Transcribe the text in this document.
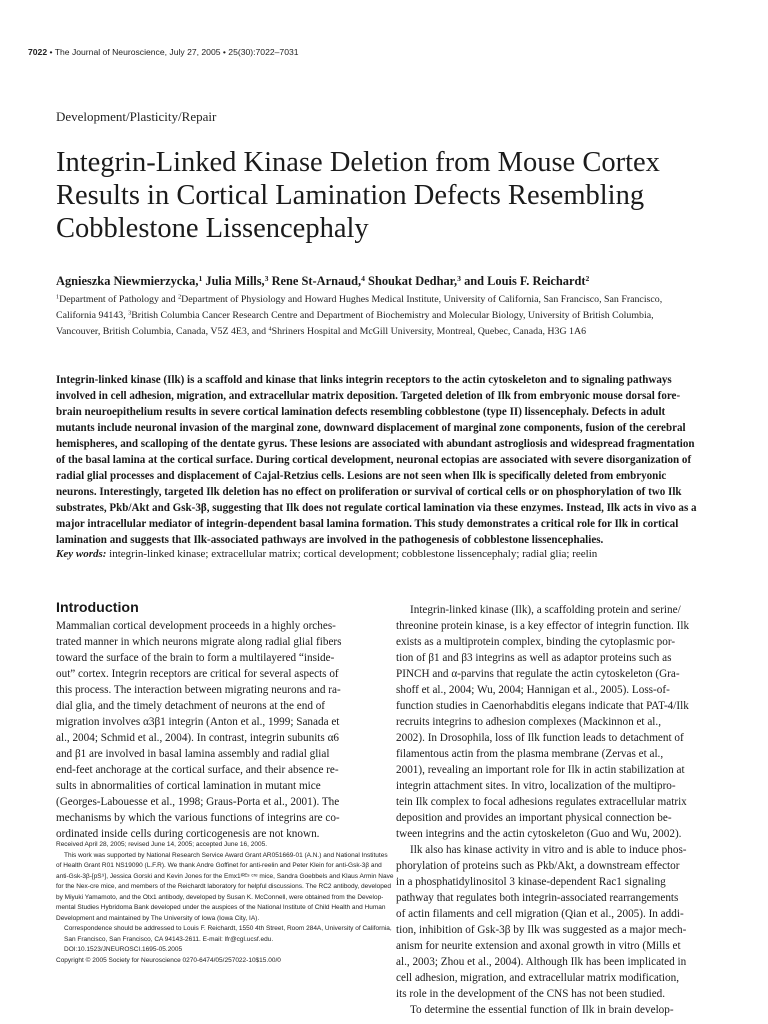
7022 • The Journal of Neuroscience, July 27, 2005 • 25(30):7022–7031
Development/Plasticity/Repair
Integrin-Linked Kinase Deletion from Mouse Cortex
Results in Cortical Lamination Defects Resembling
Cobblestone Lissencephaly
Agnieszka Niewmierzycka,$^1$ Julia Mills,$^3$ Rene St-Arnaud,$^4$ Shoukat Dedhar,$^3$ and Louis F. Reichardt$^2$
$^1$Department of Pathology and $^2$Department of Physiology and Howard Hughes Medical Institute, University of California, San Francisco, San Francisco,
California 94143, $^3$British Columbia Cancer Research Centre and Department of Biochemistry and Molecular Biology, University of British Columbia,
Vancouver, British Columbia, Canada, V5Z 4E3, and $^4$Shriners Hospital and McGill University, Montreal, Quebec, Canada, H3G 1A6
Integrin-linked kinase (Ilk) is a scaffold and kinase that links integrin receptors to the actin cytoskeleton and to signaling pathways
involved in cell adhesion, migration, and extracellular matrix deposition. Targeted deletion of Ilk from embryonic mouse dorsal fore-
brain neuroepithelium results in severe cortical lamination defects resembling cobblestone (type II) lissencephaly. Defects in adult
mutants include neuronal invasion of the marginal zone, downward displacement of marginal zone components, fusion of the cerebral
hemispheres, and scalloping of the dentate gyrus. These lesions are associated with abundant astrogliosis and widespread fragmentation
of the basal lamina at the cortical surface. During cortical development, neuronal ectopias are associated with severe disorganization of
radial glial processes and displacement of Cajal-Retzius cells. Lesions are not seen when Ilk is specifically deleted from embryonic
neurons. Interestingly, targeted Ilk deletion has no effect on proliferation or survival of cortical cells or on phosphorylation of two Ilk
substrates, Pkb/Akt and Gsk-3β, suggesting that Ilk does not regulate cortical lamination via these enzymes. Instead, Ilk acts in vivo as a
major intracellular mediator of integrin-dependent basal lamina formation. This study demonstrates a critical role for Ilk in cortical
lamination and suggests that Ilk-associated pathways are involved in the pathogenesis of cobblestone lissencephalies.
Key words: integrin-linked kinase; extracellular matrix; cortical development; cobblestone lissencephaly; radial glia; reelin
Introduction
Mammalian cortical development proceeds in a highly orches-
trated manner in which neurons migrate along radial glial fibers
toward the surface of the brain to form a multilayered “inside-
out” cortex. Integrin receptors are critical for several aspects of
this process. The interaction between migrating neurons and ra-
dial glia, and the timely detachment of neurons at the end of
migration involves α3β1 integrin (Anton et al., 1999; Sanada et
al., 2004; Schmid et al., 2004). In contrast, integrin subunits α6
and β1 are involved in basal lamina assembly and radial glial
end-feet anchorage at the cortical surface, and their absence re-
sults in abnormalities of cortical lamination in mutant mice
(Georges-Labouesse et al., 1998; Graus-Porta et al., 2001). The
mechanisms by which the various functions of integrins are co-
ordinated inside cells during corticogenesis are not known.
Integrin-linked kinase (Ilk), a scaffolding protein and serine/
threonine protein kinase, is a key effector of integrin function. Ilk
exists as a multiprotein complex, binding the cytoplasmic por-
tion of β1 and β3 integrins as well as adaptor proteins such as
PINCH and α-parvins that regulate the actin cytoskeleton (Gra-
shoff et al., 2004; Wu, 2004; Hannigan et al., 2005). Loss-of-
function studies in Caenorhabditis elegans indicate that PAT-4/Ilk
recruits integrins to adhesion complexes (Mackinnon et al.,
2002). In Drosophila, loss of Ilk function leads to detachment of
filamentous actin from the plasma membrane (Zervas et al.,
2001), revealing an important role for Ilk in actin stabilization at
integrin attachment sites. In vitro, localization of the multipro-
tein Ilk complex to focal adhesions regulates extracellular matrix
deposition and provides an important physical connection be-
tween integrins and the actin cytoskeleton (Guo and Wu, 2002).
Ilk also has kinase activity in vitro and is able to induce phos-
phorylation of proteins such as Pkb/Akt, a downstream effector
in a phosphatidylinositol 3 kinase-dependent Rac1 signaling
pathway that regulates both integrin-associated rearrangements
of actin filaments and cell migration (Qian et al., 2005). In addi-
tion, inhibition of Gsk-3β by Ilk was suggested as a major mech-
anism for neurite extension and axonal growth in vitro (Mills et
al., 2003; Zhou et al., 2004). Although Ilk has been implicated in
cell adhesion, migration, and extracellular matrix modification,
its role in the development of the CNS has not been studied.
To determine the essential function of Ilk in brain develop-
Received April 28, 2005; revised June 14, 2005; accepted June 16, 2005.
This work was supported by National Research Service Award Grant AR051669-01 (A.N.) and National Institutes
of Health Grant R01 NS19090 (L.F.R). We thank Andre Goffinet for anti-reelin and Peter Klein for anti-Gsk-3β and
anti-Gsk-3β-[pS⁹], Jessica Gorski and Kevin Jones for the Emx1ᴵᴿᴱˢ ᶜʳᵉ mice, Sandra Goebbels and Klaus Armin Nave
for the Nex-cre mice, and members of the Reichardt laboratory for helpful discussions. The RC2 antibody, developed
by Miyuki Yamamoto, and the Otx1 antibody, developed by Susan K. McConnell, were obtained from the Develop-
mental Studies Hybridoma Bank developed under the auspices of the National Institute of Child Health and Human
Development and maintained by The University of Iowa (Iowa City, IA).
Correspondence should be addressed to Louis F. Reichardt, 1550 4th Street, Room 284A, University of California,
San Francisco, San Francisco, CA 94143-2611. E-mail: lfr@cgl.ucsf.edu.
DOI:10.1523/JNEUROSCI.1695-05.2005
Copyright © 2005 Society for Neuroscience 0270-6474/05/257022-10$15.00/0
